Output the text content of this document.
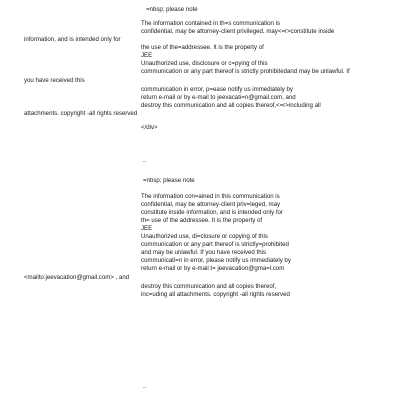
=nbsp; please note

The information contained in th=s communication is

confidential, may be attorney-client privileged, may<=r>constitute inside

information, and is intended only for

the use of the=addressee. It is the property of

JEE

Unauthorized use, disclosure or c=pying of this

communication or any part thereof is strictly prohibitedand may be unlawful. If

you have received this

communication in error, p=ease notify us immediately by

return e-mail or by e-mail to jeevacati=n@gmail.com, and

destroy this communication and all copies thereof,<=r>including all

attachments. copyright -all rights reserved

</div>

..

=nbsp; please note

The information con=ained in this communication is

confidential, may be attorney-client priv=leged, may

constitute inside information, and is intended only for

th= use of the addressee. It is the property of

JEE

Unauthorized use, di=closure or copying of this

communication or any part thereof is strictly=prohibited

and may be unlawful. If you have received this

communicati=n in error, please notify us immediately by

return e-mail or by e-mail t= jeevacation@gma=l.com

<mailto:jeevacation@gmail.com> , and

destroy this communication and all copies thereof,

inc=uding all attachments. copyright -all rights reserved

..
